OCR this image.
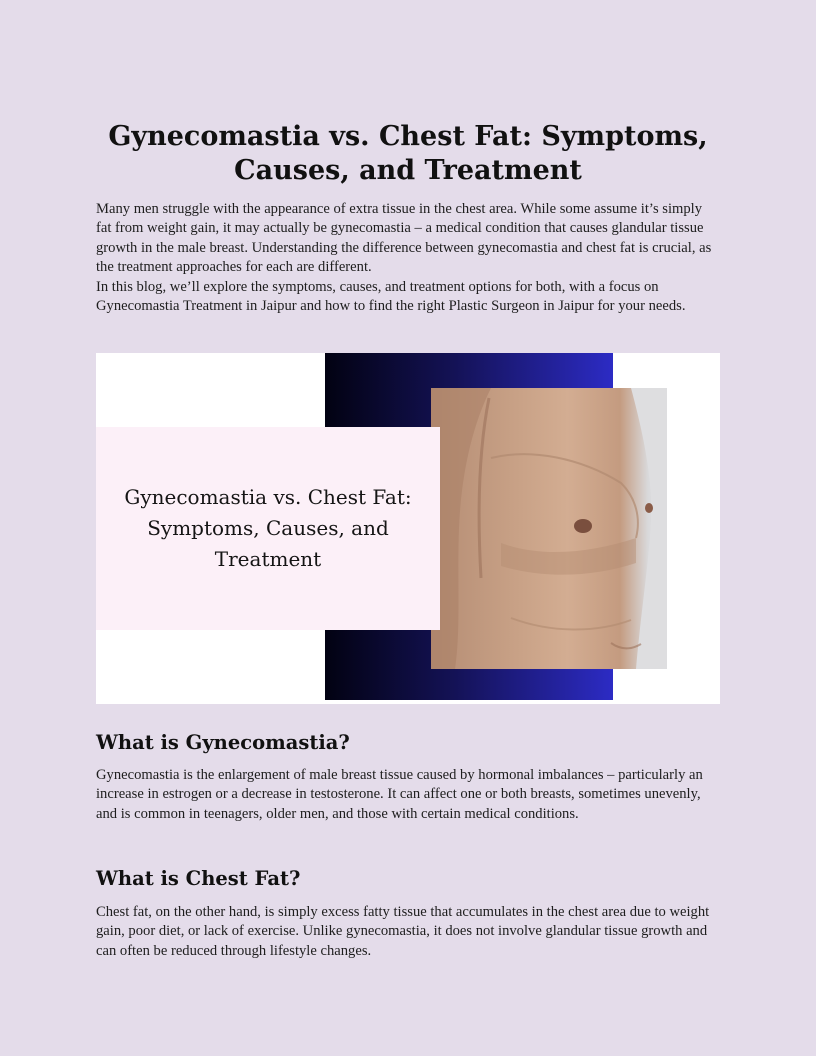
Gynecomastia vs. Chest Fat: Symptoms, Causes, and Treatment

Many men struggle with the appearance of extra tissue in the chest area. While some assume it’s simply fat from weight gain, it may actually be gynecomastia – a medical condition that causes glandular tissue growth in the male breast. Understanding the difference between gynecomastia and chest fat is crucial, as the treatment approaches for each are different.

In this blog, we’ll explore the symptoms, causes, and treatment options for both, with a focus on Gynecomastia Treatment in Jaipur and how to find the right Plastic Surgeon in Jaipur for your needs.

Gynecomastia vs. Chest Fat: Symptoms, Causes, and Treatment
What is Gynecomastia?

Gynecomastia is the enlargement of male breast tissue caused by hormonal imbalances – particularly an increase in estrogen or a decrease in testosterone. It can affect one or both breasts, sometimes unevenly, and is common in teenagers, older men, and those with certain medical conditions.

What is Chest Fat?

Chest fat, on the other hand, is simply excess fatty tissue that accumulates in the chest area due to weight gain, poor diet, or lack of exercise. Unlike gynecomastia, it does not involve glandular tissue growth and can often be reduced through lifestyle changes.
